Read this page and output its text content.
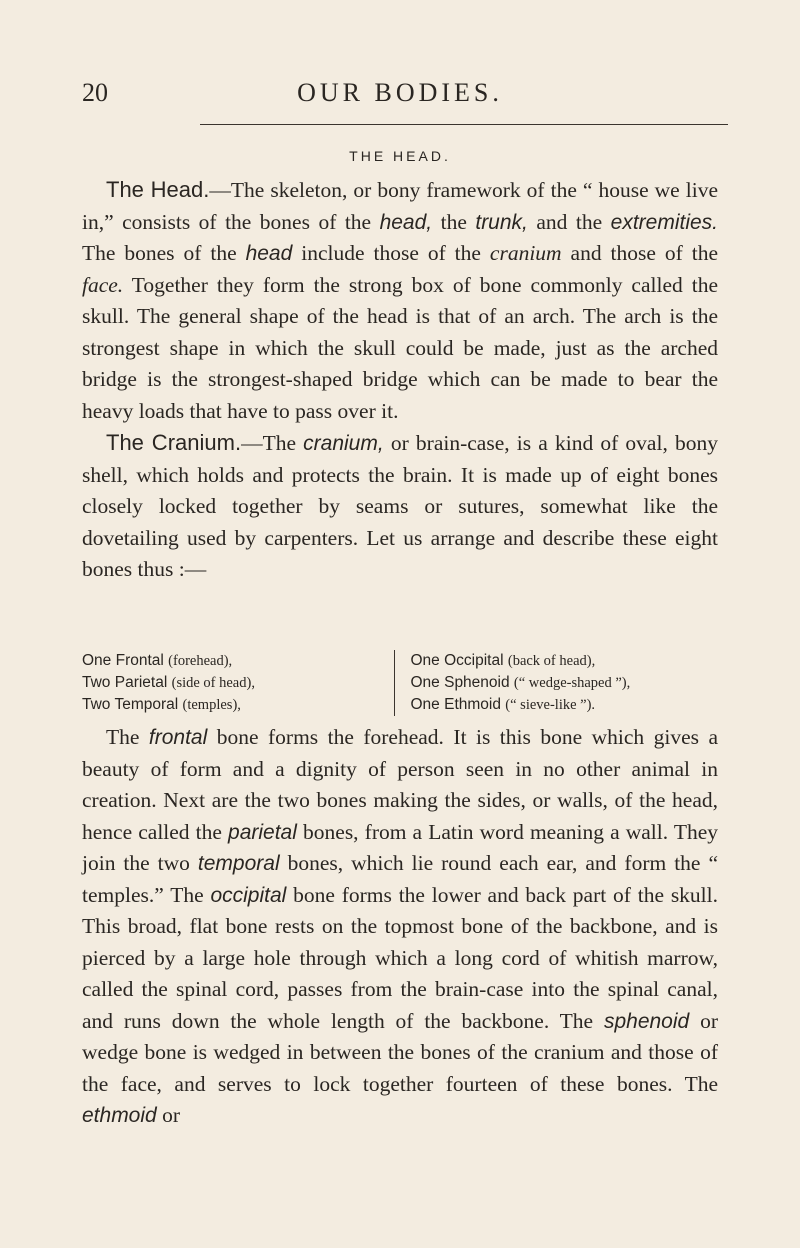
20	OUR BODIES.
THE HEAD.

The Head.—The skeleton, or bony framework of the “ house we live in,” consists of the bones of the head, the trunk, and the extremities. The bones of the head include those of the cranium and those of the face. Together they form the strong box of bone commonly called the skull. The general shape of the head is that of an arch. The arch is the strongest shape in which the skull could be made, just as the arched bridge is the strongest-shaped bridge which can be made to bear the heavy loads that have to pass over it.

The Cranium.—The cranium, or brain-case, is a kind of oval, bony shell, which holds and protects the brain. It is made up of eight bones closely locked together by seams or sutures, somewhat like the dovetailing used by carpenters. Let us arrange and describe these eight bones thus :—

One Frontal (forehead),
Two Parietal (side of head),
Two Temporal (temples),
One Occipital (back of head),
One Sphenoid (“ wedge-shaped ”),
One Ethmoid (“ sieve-like ”).

The frontal bone forms the forehead. It is this bone which gives a beauty of form and a dignity of person seen in no other animal in creation. Next are the two bones making the sides, or walls, of the head, hence called the parietal bones, from a Latin word meaning a wall. They join the two temporal bones, which lie round each ear, and form the “ temples.” The occipital bone forms the lower and back part of the skull. This broad, flat bone rests on the topmost bone of the backbone, and is pierced by a large hole through which a long cord of whitish marrow, called the spinal cord, passes from the brain-case into the spinal canal, and runs down the whole length of the backbone. The sphenoid or wedge bone is wedged in between the bones of the cranium and those of the face, and serves to lock together fourteen of these bones. The ethmoid or
